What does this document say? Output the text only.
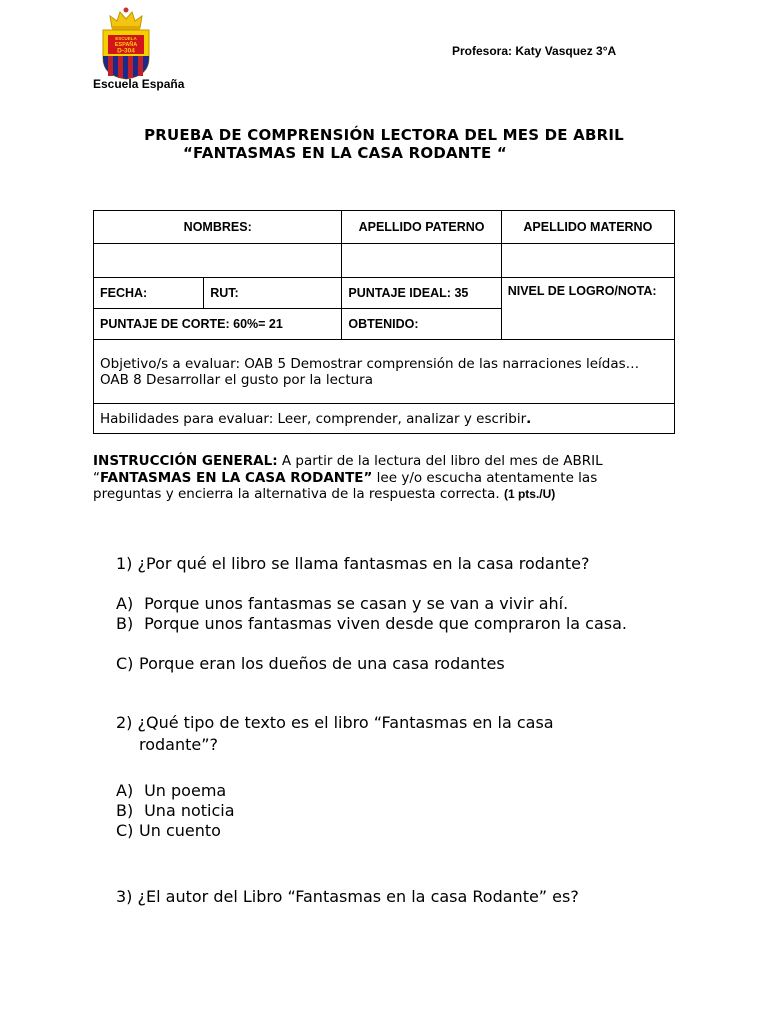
ESCUELA
ESPAÑA
D-304
Escuela España
Profesora: Katy Vasquez 3°A
PRUEBA DE COMPRENSIÓN LECTORA DEL MES DE ABRIL
“FANTASMAS EN LA CASA RODANTE “
NOMBRES:		APELLIDO PATERNO	APELLIDO MATERNO

FECHA:	RUT:	PUNTAJE IDEAL: 35	NIVEL DE LOGRO/NOTA:
PUNTAJE DE CORTE: 60%= 21		OBTENIDO:	

Objetivo/s a evaluar: OAB 5 Demostrar comprensión de las narraciones leídas…
OAB 8 Desarrollar el gusto por la lectura			

Habilidades para evaluar: Leer, comprender, analizar y escribir.			
INSTRUCCIÓN GENERAL: A partir de la lectura del libro del mes de ABRIL “FANTASMAS EN LA CASA RODANTE” lee y/o escucha atentamente las preguntas y encierra la alternativa de la respuesta correcta. (1 pts./U)
1) ¿Por qué el libro se llama fantasmas en la casa rodante?
A) Porque unos fantasmas se casan y se van a vivir ahí.
B) Porque unos fantasmas viven desde que compraron la casa.
C) Porque eran los dueños de una casa rodantes
2) ¿Qué tipo de texto es el libro “Fantasmas en la casa
rodante”?
A) Un poema
B) Una noticia
C) Un cuento
3) ¿El autor del Libro “Fantasmas en la casa Rodante” es?
